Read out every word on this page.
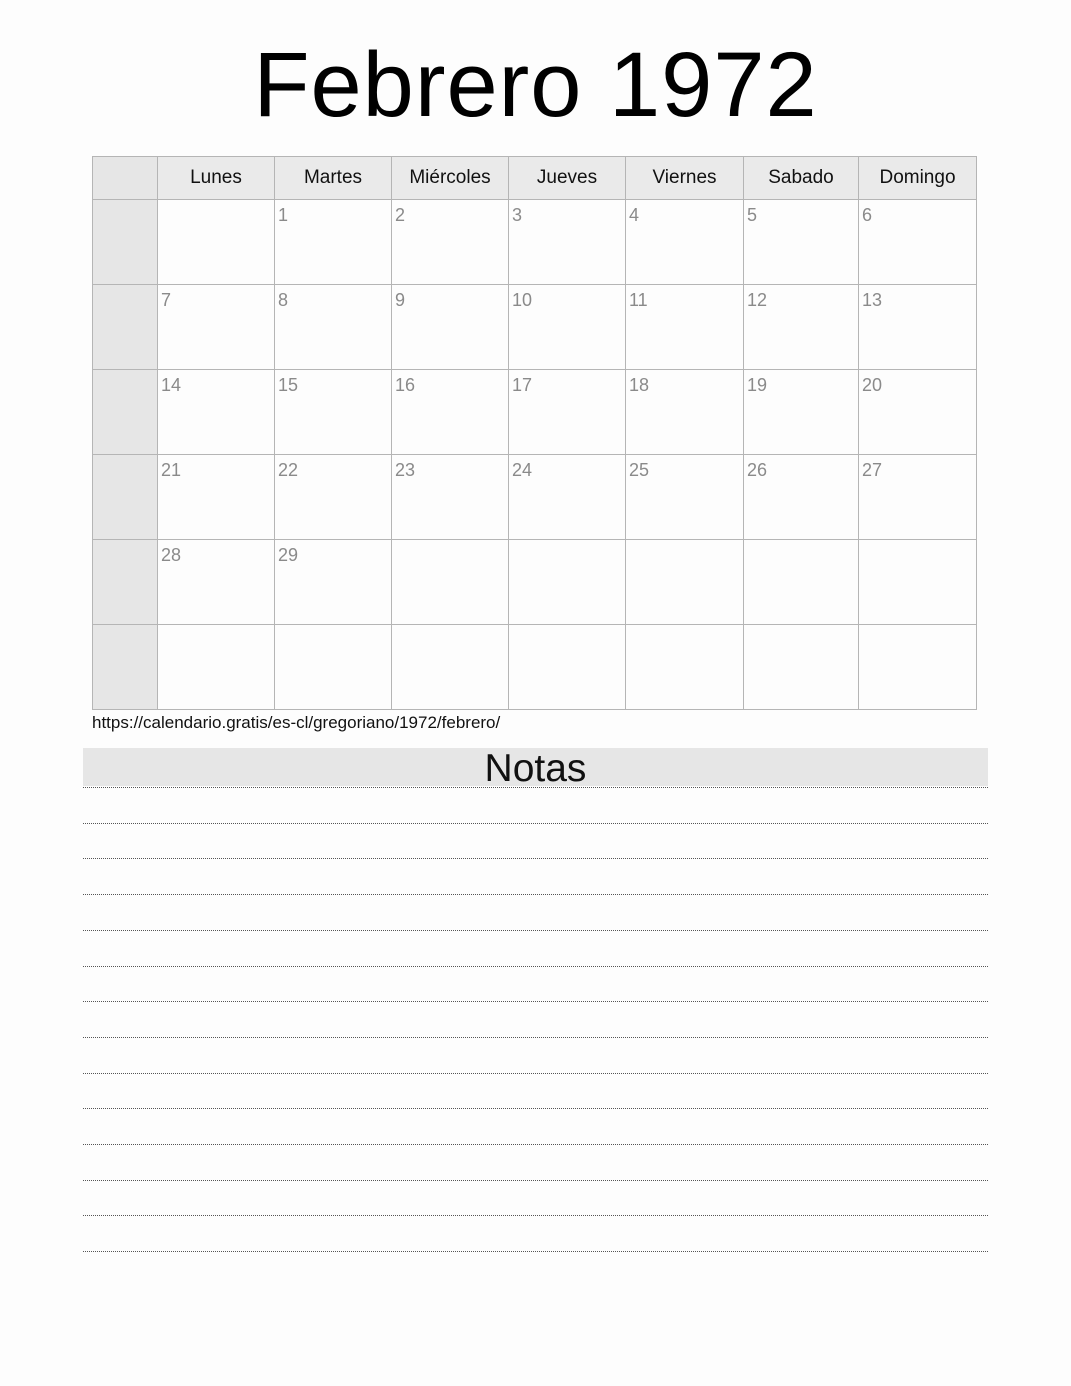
Febrero 1972
	Lunes	Martes	Miércoles	Jueves	Viernes	Sabado	Domingo

		1	2	3	4	5	6

	7	8	9	10	11	12	13

	14	15	16	17	18	19	20

	21	22	23	24	25	26	27

	28	29					

https://calendario.gratis/es-cl/gregoriano/1972/febrero/
Notas
